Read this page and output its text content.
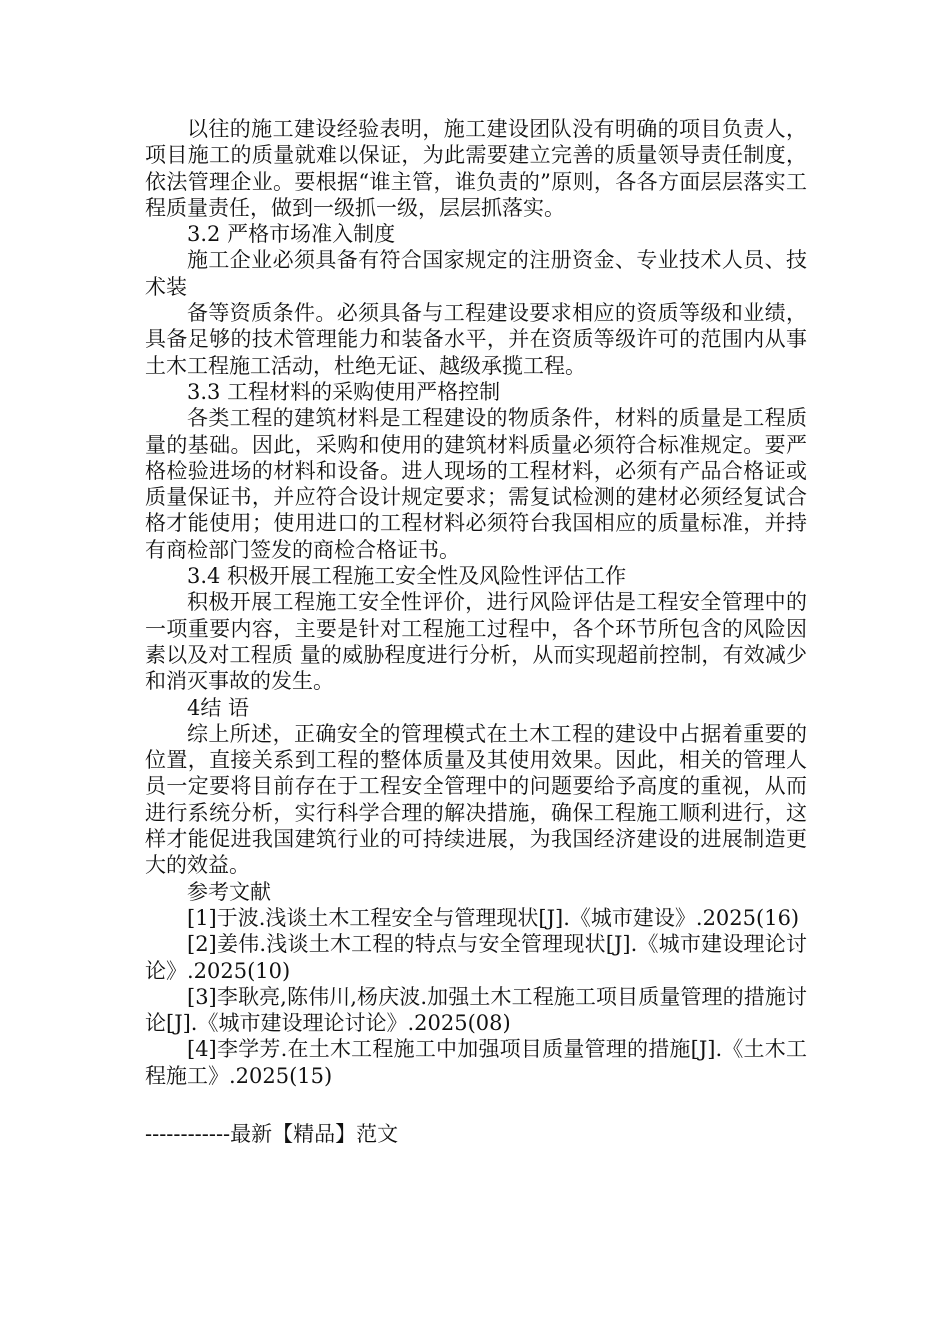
以往的施工建设经验表明，施工建设团队没有明确的项目负责人，项目施工的质量就难以保证，为此需要建立完善的质量领导责任制度，依法管理企业。要根据“谁主管，谁负责的”原则，各各方面层层落实工程质量责任，做到一级抓一级，层层抓落实。

3.2 严格市场准入制度

施工企业必须具备有符合国家规定的注册资金、专业技术人员、技术装

备等资质条件。必须具备与工程建设要求相应的资质等级和业绩，具备足够的技术管理能力和装备水平，并在资质等级许可的范围内从事土木工程施工活动，杜绝无证、越级承揽工程。

3.3 工程材料的采购使用严格控制

各类工程的建筑材料是工程建设的物质条件，材料的质量是工程质量的基础。因此，采购和使用的建筑材料质量必须符合标准规定。要严格检验进场的材料和设备。进人现场的工程材料，必须有产品合格证或质量保证书，并应符合设计规定要求；需复试检测的建材必须经复试合格才能使用；使用进口的工程材料必须符台我国相应的质量标准，并持有商检部门签发的商检合格证书。

3.4 积极开展工程施工安全性及风险性评估工作

积极开展工程施工安全性评价，进行风险评估是工程安全管理中的一项重要内容，主要是针对工程施工过程中，各个环节所包含的风险因素以及对工程质 量的威胁程度进行分析，从而实现超前控制，有效减少和消灭事故的发生。

4结 语

综上所述，正确安全的管理模式在土木工程的建设中占据着重要的位置，直接关系到工程的整体质量及其使用效果。因此，相关的管理人员一定要将目前存在于工程安全管理中的问题要给予高度的重视，从而进行系统分析，实行科学合理的解决措施，确保工程施工顺利进行，这样才能促进我国建筑行业的可持续进展，为我国经济建设的进展制造更大的效益。

参考文献

[1]于波.浅谈土木工程安全与管理现状[J].《城市建设》.2025(16)

[2]姜伟.浅谈土木工程的特点与安全管理现状[J].《城市建设理论讨论》.2025(10)

[3]李耿亮,陈伟川,杨庆波.加强土木工程施工项目质量管理的措施讨论[J].《城市建设理论讨论》.2025(08)

[4]李学芳.在土木工程施工中加强项目质量管理的措施[J].《土木工程施工》.2025(15)

------------最新【精品】范文
